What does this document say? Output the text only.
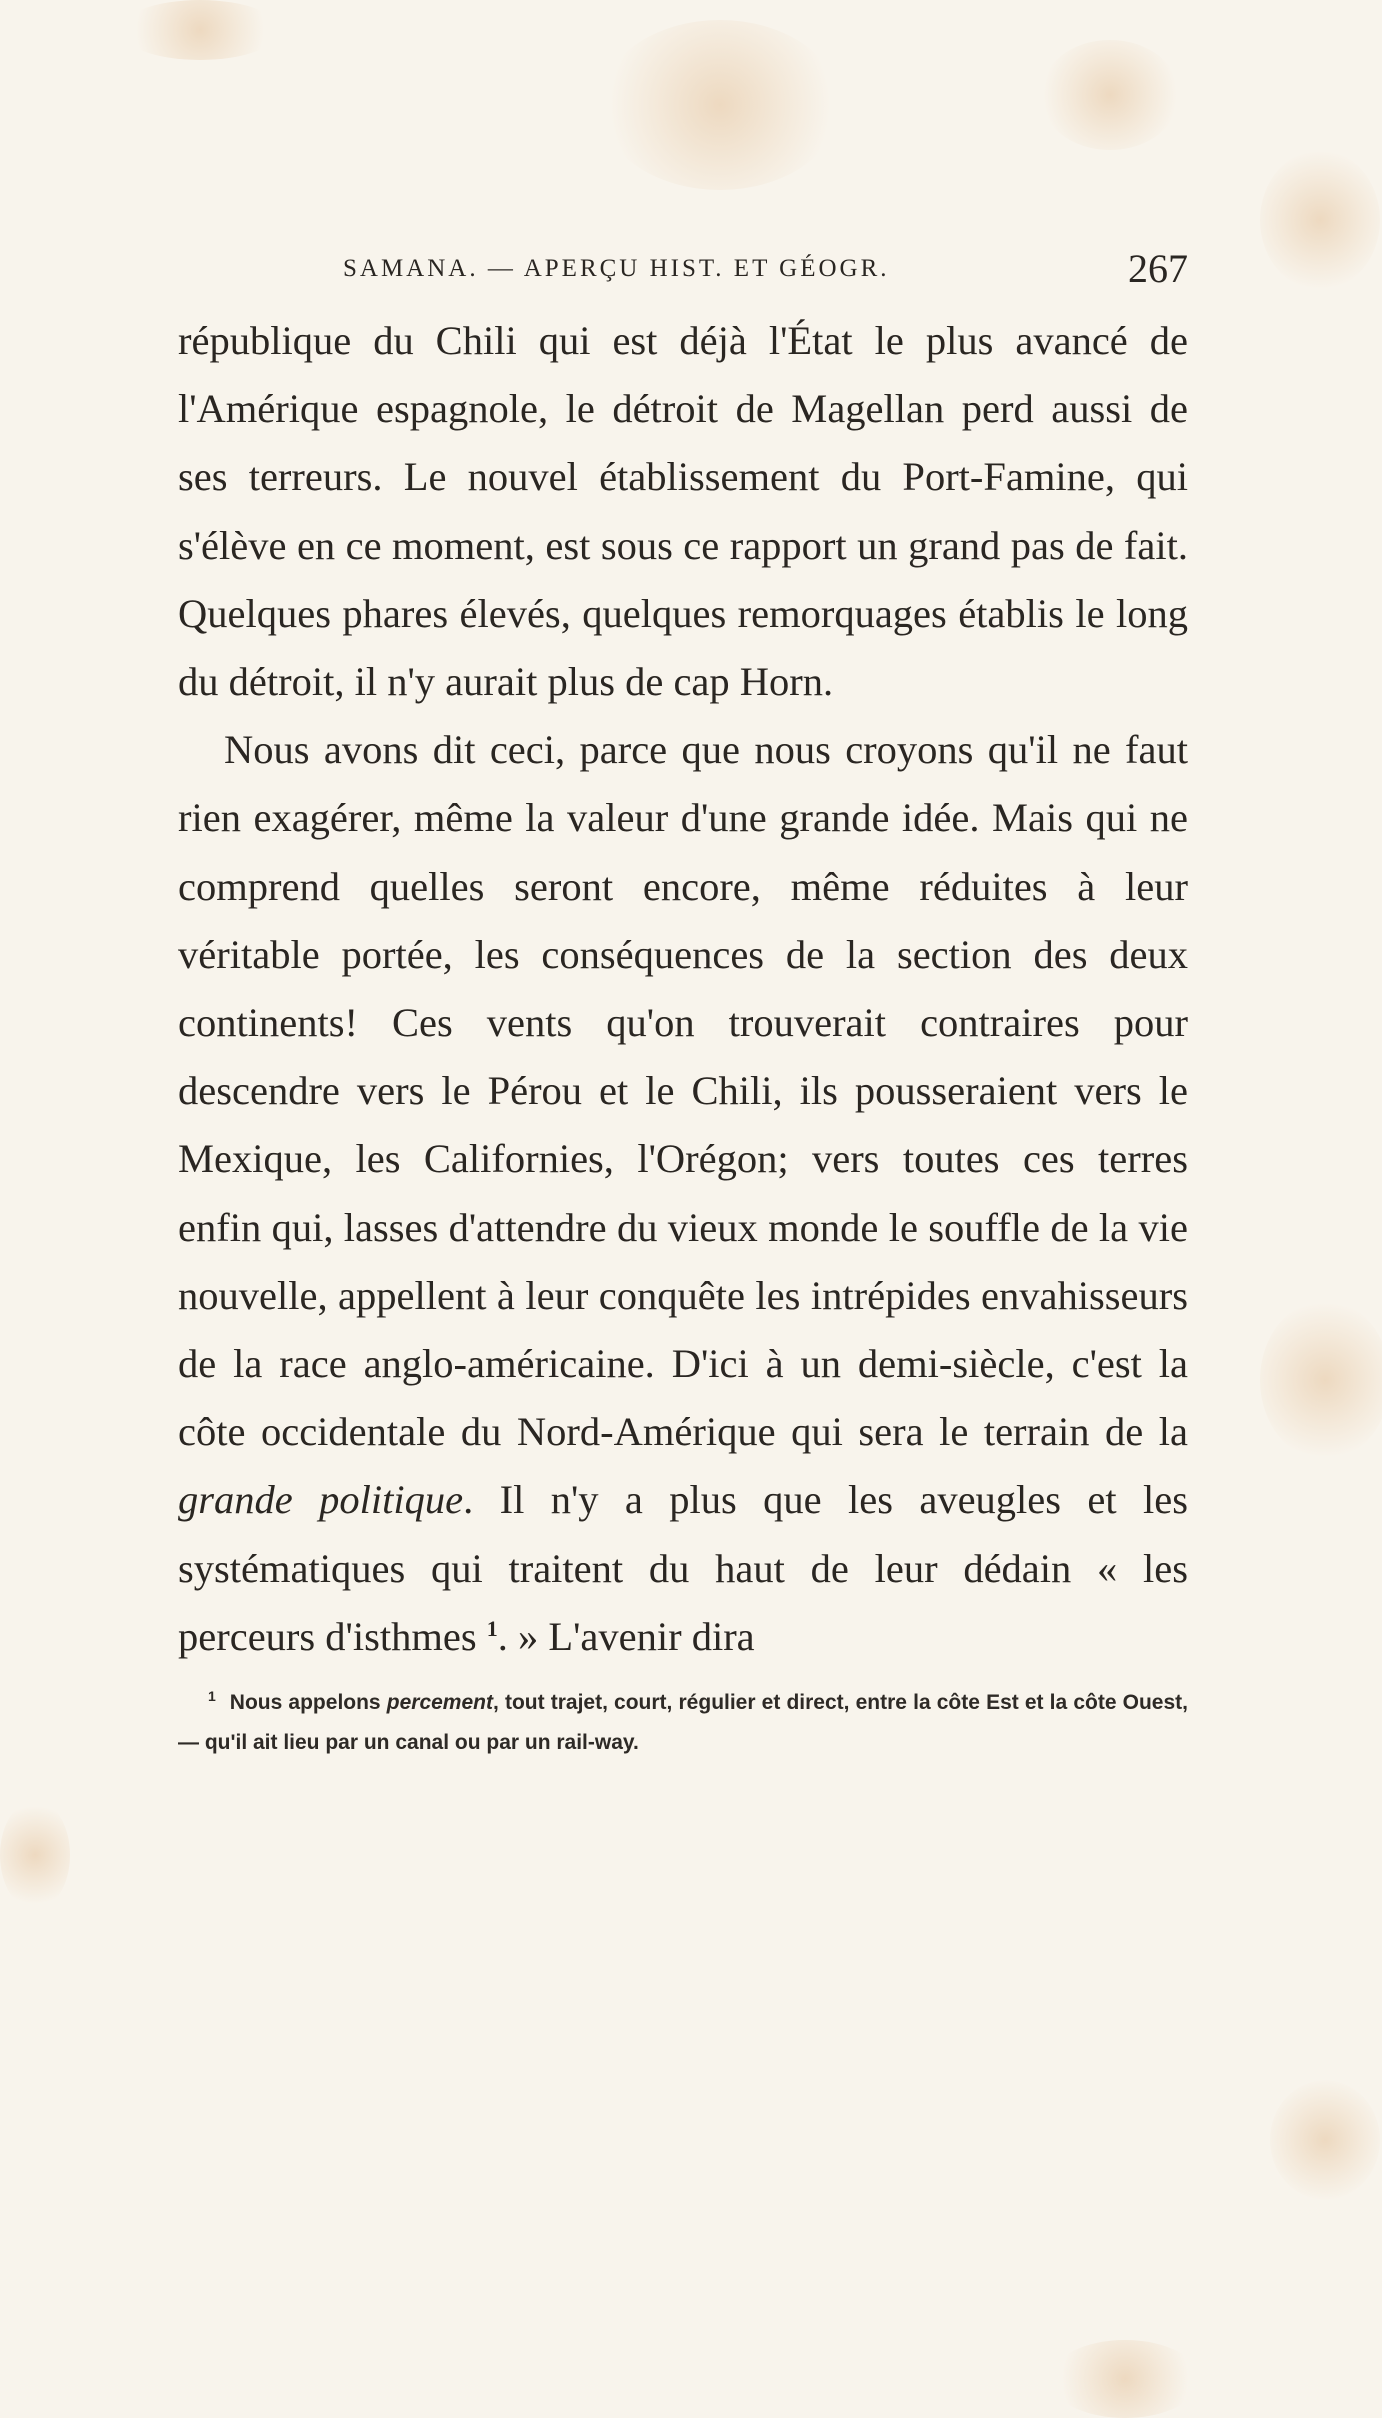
SAMANA. — APERÇU HIST. ET GÉOGR.	267

république du Chili qui est déjà l'État le plus avancé de l'Amérique espagnole, le détroit de Magellan perd aussi de ses terreurs. Le nouvel établissement du Port-Famine, qui s'élève en ce moment, est sous ce rapport un grand pas de fait. Quelques phares élevés, quelques remorquages établis le long du détroit, il n'y aurait plus de cap Horn.

Nous avons dit ceci, parce que nous croyons qu'il ne faut rien exagérer, même la valeur d'une grande idée. Mais qui ne comprend quelles seront encore, même réduites à leur véritable portée, les conséquences de la section des deux continents! Ces vents qu'on trouverait contraires pour descendre vers le Pérou et le Chili, ils pousseraient vers le Mexique, les Californies, l'Orégon; vers toutes ces terres enfin qui, lasses d'attendre du vieux monde le souffle de la vie nouvelle, appellent à leur conquête les intrépides envahisseurs de la race anglo-américaine. D'ici à un demi-siècle, c'est la côte occidentale du Nord-Amérique qui sera le terrain de la grande politique. Il n'y a plus que les aveugles et les systématiques qui traitent du haut de leur dédain « les perceurs d'isthmes $^1$. » L'avenir dira

$^1$ Nous appelons percement, tout trajet, court, régulier et direct, entre la côte Est et la côte Ouest, — qu'il ait lieu par un canal ou par un rail-way.
